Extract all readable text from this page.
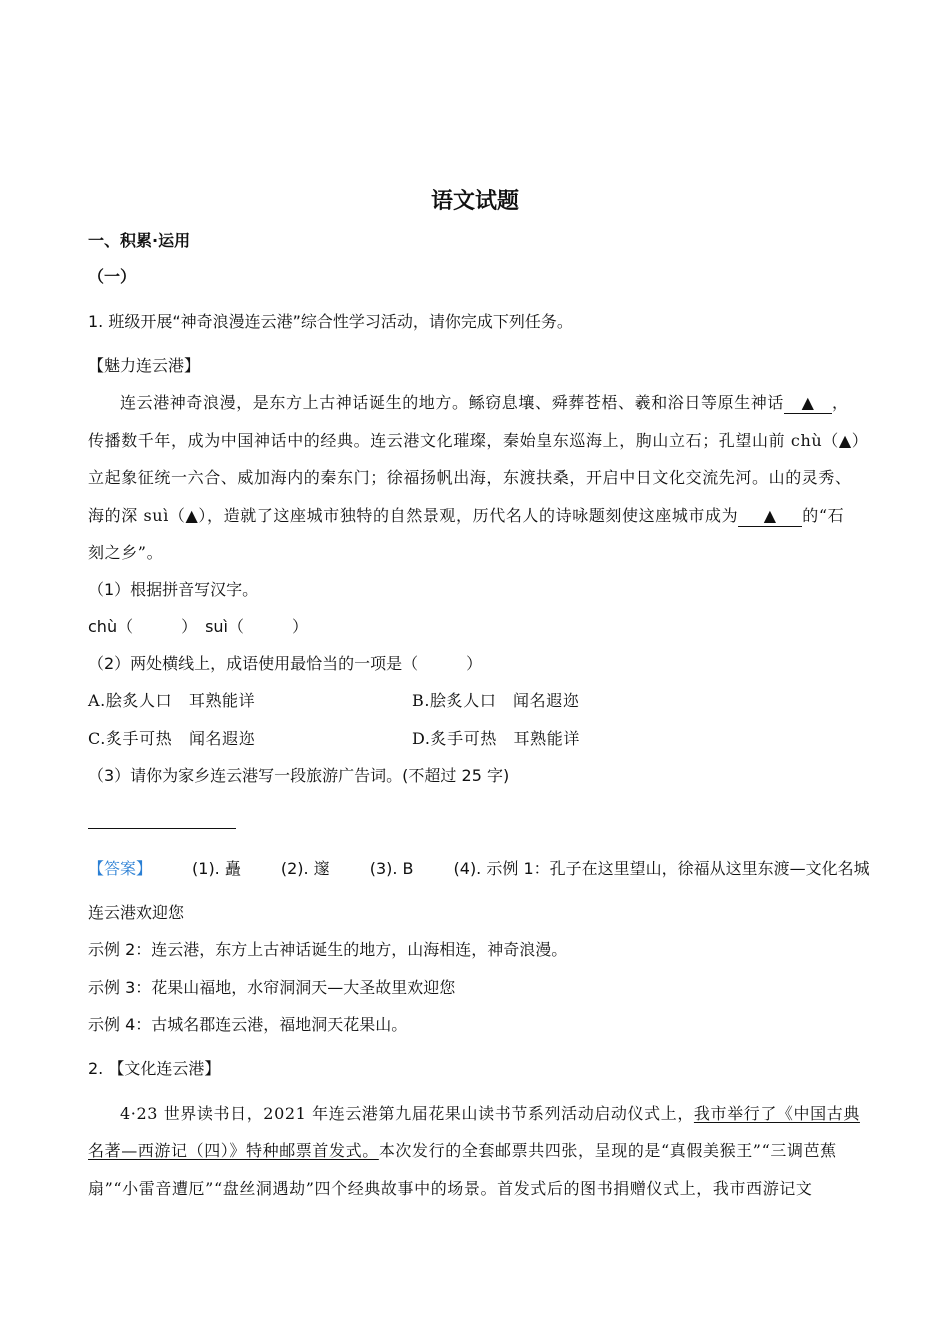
语文试题
一、积累·运用
（一）
1. 班级开展“神奇浪漫连云港”综合性学习活动，请你完成下列任务。
【魅力连云港】
连云港神奇浪漫，是东方上古神话诞生的地方。鲧窃息壤、舜葬苍梧、羲和浴日等原生神话 ▲ ，
传播数千年，成为中国神话中的经典。连云港文化璀璨，秦始皇东巡海上，朐山立石；孔望山前 chù（▲）
立起象征统一六合、威加海内的秦东门；徐福扬帆出海，东渡扶桑，开启中日文化交流先河。山的灵秀、
海的深 suì（▲），造就了这座城市独特的自然景观，历代名人的诗咏题刻使这座城市成为 ▲ 的“石
刻之乡”。
（1）根据拼音写汉字。
chù（　　　）　suì（　　　）
（2）两处横线上，成语使用最恰当的一项是（　　　）
A.脍炙人口　耳熟能详	B.脍炙人口　闻名遐迩
C.炙手可热　闻名遐迩	D.炙手可热　耳熟能详
（3）请你为家乡连云港写一段旅游广告词。(不超过 25 字)
【答案】	(1). 矗	(2). 邃	(3). B	(4). 示例 1：孔子在这里望山，徐福从这里东渡—文化名城
连云港欢迎您
示例 2：连云港，东方上古神话诞生的地方，山海相连，神奇浪漫。
示例 3：花果山福地，水帘洞洞天—大圣故里欢迎您
示例 4：古城名郡连云港，福地洞天花果山。
2. 【文化连云港】
4·23 世界读书日，2021 年连云港第九届花果山读书节系列活动启动仪式上，我市举行了《中国古典
名著—西游记（四）》特种邮票首发式。本次发行的全套邮票共四张，呈现的是“真假美猴王”“三调芭蕉
扇”“小雷音遭厄”“盘丝洞遇劫”四个经典故事中的场景。首发式后的图书捐赠仪式上，我市西游记文
